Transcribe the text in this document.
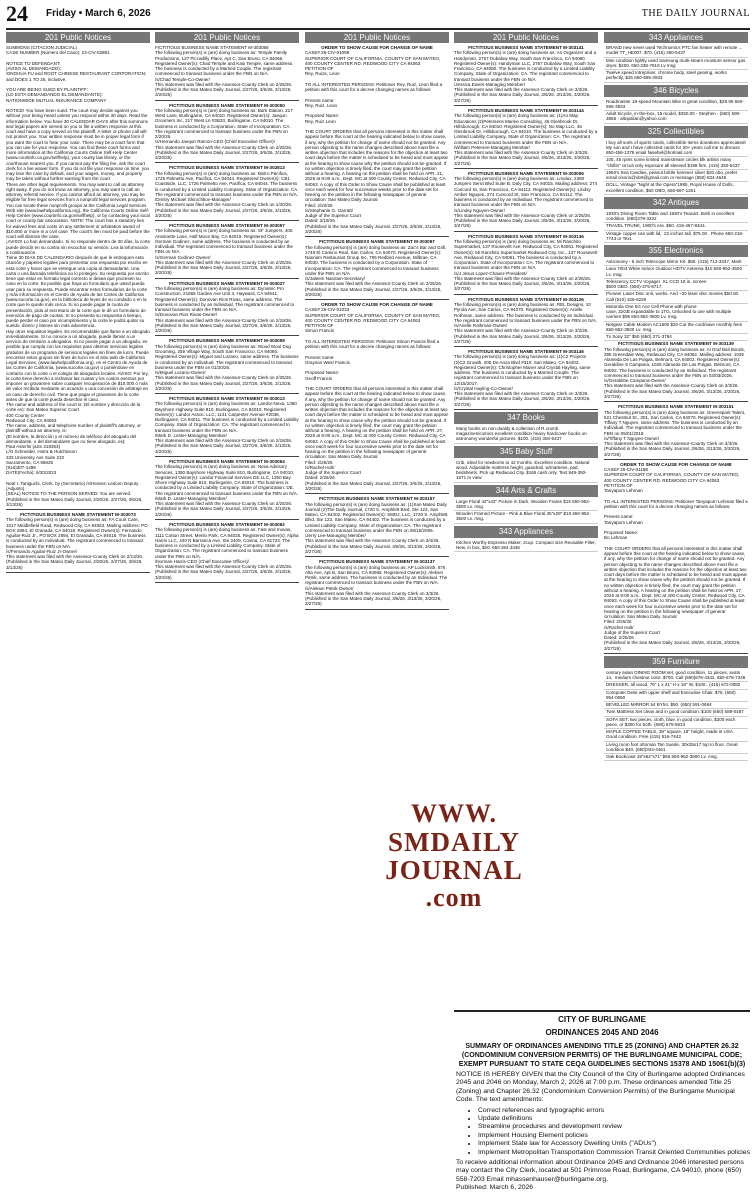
24 Friday • March 6, 2026	THE DAILY JOURNAL
201 Public Notices

SUMMONS (CITACION JUDICIAL)
CASE NUMBER (Número del Caso): 23-CIV-02881

NOTICE TO DEFENDANT:
(AVISO AL DEMANDADO):
XINGHUA FU and ROOT CHINESE RESTAURANT CORPORATION; and DOES 1 TO 25, inclusive.

YOU ARE BEING SUED BY PLAINTIFF:
(LO ESTA DEMANDANDO EL DEMANDANTE):
NATIONWIDE MUTUAL INSURANCE COMPANY

NOTICE! You have been sued. The court may decide against you without your being heard unless you respond within 30 days. Read the information below. You have 30 CALENDAR DAYS after this summons and legal papers are served on you to file a written response at this court and have a copy served on the plaintiff. A letter or phone call will not protect you. Your written response must be in proper legal form if you want the court to hear your case. There may be a court form that you can use for your response. You can find these court forms and more information at the California Courts Online Self-Help Center (www.courtinfo.ca.gov/selfhelp), your county law library, or the courthouse nearest you. If you cannot pay the filing fee, ask the court clerk for a fee waiver form. If you do not file your response on time, you may lose the case by default, and your wages, money, and property may be taken without further warning from the court.
There are other legal requirements. You may want to call an attorney right away. If you do not know an attorney, you may want to call an attorney referral service. If you cannot afford an attorney, you may be eligible for free legal services from a nonprofit legal services program. You can locate these nonprofit groups at the California Legal Services Web site (www.lawhelpcalifornia.org), the California Courts Online Self-Help Center (www.courtinfo.ca.gov/selfhelp), or by contacting your local court or county bar association. NOTE: The court has a statutory lien for waived fees and costs on any settlement or arbitration award of $10,000 or more in a civil case. The court's lien must be paid before the court will dismiss the case.
¡AVISO! Lo han demandado. Si no responde dentro de 30 días, la corte puede decidir en su contra sin escuchar su versión. Lea la información a continuación.
Tiene 30 DIAS DE CALENDARIO después de que le entreguen esta citación y papeles legales para presentar una respuesta por escrito en esta corte y hacer que se entregue una copia al demandante. Una carta o una llamada telefónica no lo protegen. Su respuesta por escrito tiene que estar en formato legal correcto si desea que procesen su caso en la corte. Es posible que haya un formulario que usted pueda usar para su respuesta. Puede encontrar estos formularios de la corte y más información en el Centro de Ayuda de las Cortes de California (www.sucorte.ca.gov), en la biblioteca de leyes de su condado o en la corte que le quede más cerca. Si no puede pagar la cuota de presentación, pida al secretario de la corte que le dé un formulario de exención de pago de cuotas. Si no presenta su respuesta a tiempo, puede perder el caso por incumplimiento y la corte le podrá quitar su sueldo, dinero y bienes sin más advertencia.
Hay otros requisitos legales. Es recomendable que llame a un abogado inmediatamente. Si no conoce a un abogado, puede llamar a un servicio de remisión a abogados. Si no puede pagar a un abogado, es posible que cumpla con los requisitos para obtener servicios legales gratuitos de un programa de servicios legales sin fines de lucro. Puede encontrar estos grupos sin fines de lucro en el sitio web de California Legal Services, (www.lawhelpcalifornia.org), en el Centro de Ayuda de las Cortes de California, (www.sucorte.ca.gov) o poniéndose en contacto con la corte o el colegio de abogados locales. AVISO: Por ley, la corte tiene derecho a reclamar las cuotas y los costos exentos por imponer un gravamen sobre cualquier recuperación de $10,000 ó más de valor recibida mediante un acuerdo o una concesión de arbitraje en un caso de derecho civil. Tiene que pagar el gravamen de la corte antes de que la corte pueda desechar el caso.
The name and address of the court is: (El nombre y dirección de la corte es): San Mateo Superior Court
400 County Center
Redwood City, CA 94063
The name, address, and telephone number of plaintiff's attorney, or plaintiff without an attorney, is:
(El nombre, la dirección y el número de teléfono del abogado del demandante, o del demandante que no tiene abogado, es):
Paul Asterlin (aSn 218353)
L/O Schneider, Hotra & Hutchinson
333 University Ave Suite 210
Sacramento, CA 95825
(916)307-1498
DATE(Fecha): 6/30/2023

Neal I. Taniguchi, Clerk, by (Secretario) /s/Hessen Ledcen Deputy (Adjunto)
(SEAL) NOTICE TO THE PERSON SERVED: You are served.
(Published in the San Mateo Daily Journal, 2/20/26, 2/27/26, 3/6/26, 3/13/26)

FICTITIOUS BUSINESS NAME STATEMENT M-303073

The following person(s) is (are) doing business as: FA Court Care, 1017 Middlefield Road, Redwood City, CA 94063. Mailing address: PO BOX 2894, El Granada, CA 94018. Registered Owner(s): Fernando Aguilar-Ruiz Jr., PO BOX 2894, El Granada, CA 94018. The business is conducted by an Individual. The registrant commenced to transact business under the FBN on N/A.
/s/Fernando Aguilar-Ruiz Jr-Owner/
This statement was filed with the Assessor-County Clerk on 2/13/26. (Published in the San Mateo Daily Journal, 2/20/26, 2/27/26, 3/6/26, 3/13/26)

201 Public Notices

FICTITIOUS BUSINESS NAME STATEMENT M-303066
The following person(s) is (are) doing business as: Temple Family Productions, 127 Piccadilly Place, Apt C, San Bruno, CA 94066. Registered Owner(s): Chad Temple and Kasi Temple, same address. The business is conducted by a Married Couple. The registrant commenced to transact business under the FBN on N/A.
/s/Chad Temple-Co-Owner/
This statement was filed with the Assessor-County Clerk on 2/25/26. (Published in the San Mateo Daily Journal, 2/27/26, 3/6/26, 3/13/26, 3/20/26)

FICTITIOUS BUSINESS NAME STATEMENT M-303050

The following person(s) is (are) doing business as: Bark Station, 217 West Lane, Burlingame, CA 94010. Registered Owner(s): Jaequn Groomers Inc, 217 West Ln #3B33, Burlingame, CA 94010. The business is conducted by a Corporation. State of Incorporation: CA. The registrant commenced to transact business under the FBN on 2/20/26.
/s/Hernando Jaequn Ramon-CEO (Chief Executive Officer)/
This statement was filed with the Assessor-County Clerk on 2/25/26. (Published in the San Mateo Daily Journal, 2/27/26, 3/6/26, 3/13/26, 3/20/26)

FICTITIOUS BUSINESS NAME STATEMENT M-302813

The following person(s) is (are) doing business as: Bistro Pacifica, 1726 Palmetto Ave, Pacifica, CA 94044. Registered Owner(s): CB1 Coastside, LLC, 1726 Palmetto Ave, Pacifica, CA 94044. The business is conducted by a Limited Liability Company. State of Organization: CA. The registrant commenced to transact business under the FBN on N/A.
/Dmitry Michael Shirochkov-Manager/
This statement was filed with the Assessor-County Clerk on 1/30/26. (Published in the San Mateo Daily Journal, 2/27/26, 3/6/26, 3/13/26, 3/20/26)

FICTITIOUS BUSINESS NAME STATEMENT M-303057

The following person(s) is (are) doing business as: SF Jumpers, 406 Antoinette Lane, Half Moon Bay, CA 94019. Registered Owner(s): German Godinez, same address. The business is conducted by an Individual. The registrant commenced to transact business under the FBN on N/A.
/s/German Godinez-Owner/
This statement was filed with the Assessor-County Clerk on 2/25/26. (Published in the San Mateo Daily Journal, 2/27/26, 3/6/26, 3/13/26, 3/20/26)

FICTITIOUS BUSINESS NAME STATEMENT M-303027

The following person(s) is (are) doing business as: Dynamic Pro Construction, 21665 Garden Ave Unit 3, Hayward, CA 94541. Registered Owner(s): Donovan Rios Rivas, same address. The business is conducted by an Individual. The registrant commenced to transact business under the FBN on N/A.
/s/Donovan Rios Rivas-Owner/
This statement was filed with the Assessor-County Clerk on 2/19/26. (Published in the San Mateo Daily Journal, 2/27/26, 3/6/26, 3/13/26, 3/20/26)

FICTITIOUS BUSINESS NAME STATEMENT M-303059

The following person(s) is (are) doing business as: Wood Wool Dog Grooming, 259 Village Way, South San Francisco, CA 94080. Registered Owner(s): Miguel and Lozano, same address. The business is conducted by an Individual. The registrant commenced to transact business under the FBN on 01/20/26.
/s/Miguel Lozano-Owner/
This statement was filed with the Assessor-County Clerk on 2/25/26. (Published in the San Mateo Daily Journal, 2/27/26, 3/6/26, 3/13/26, 3/20/26)

FICTITIOUS BUSINESS NAME STATEMENT M-303013

The following person(s) is (are) doing business as: Landor-Nexa, 1350 Bayshore Highway Suite 810, Burlingame, CA 94010. Registered Owner(s): Landor Assoc. LLC, 1141 Carpenter Avenue #2038, Burlingame, CA 94011. The business is conducted by a Limited Liability Company. State of Organization: CA. The registrant commenced to transact business under the FBN on N/A.
/Mark D. Lester-Managing Member/
This statement was filed with the Assessor-County Clerk on 2/18/26. (Published in the San Mateo Daily Journal, 2/27/26, 3/6/26, 3/13/26, 3/20/26)

FICTITIOUS BUSINESS NAME STATEMENT M-303064

The following person(s) is (are) doing business as: Nexa Advisory Services, 1350 Bayshore Highway Suite 810, Burlingame, CA 94010. Registered Owner(s): Landor Financial Services DE LLC, 1350 Bay Shore Highway Suite 810, Burlingame, CA 94010. The business is conducted by a Limited Liability Company. State of Organization: DE. The registrant commenced to transact business under the FBN on N/A.
/Mark D. Lester-Managing Member/
This statement was filed with the Assessor-County Clerk on 2/25/26. (Published in the San Mateo Daily Journal, 2/27/26, 3/6/26, 3/13/26, 3/20/26)

FICTITIOUS BUSINESS NAME STATEMENT M-303062

The following person(s) is (are) doing business as: Fast and Inovas, 1111 Cotton Street, Menlo Park, CA 94025. Registered Owner(s): Alpha Harris LLC, 440 N Barranca Ave, Ste 2409, Covina, CA 91723. The business is conducted by a Limited Liability Company. State of Organization: CA. The registrant commenced to transact business under the FBN on N/A.
/Norman Harris-CEO (Chief Executive Officer)/
This statement was filed with the Assessor-County Clerk on 2/25/26. (Published in the San Mateo Daily Journal, 2/27/26, 3/6/26, 3/13/26, 3/20/26)

201 Public Notices
ORDER TO SHOW CAUSE FOR CHANGE OF NAME

CASE# 26-CIV-01095
SUPERIOR COURT OF CALIFORNIA, COUNTY OF SAN MATEO, 400 COUNTY CENTER RD. REDWOOD CITY CA 94063
PETITION OF
Rey, Ruize, Leon

TO ALL INTERESTED PERSONS: Petitioner Rey, Ruiz, Leon filed a petition with this court for a decree changing names as follows:

Present name:
Rey, Ruiz, Leon

Proposed Name:
Rey, Ruiz Leon

THE COURT ORDERS that all persons interested in this matter shall appear before this court at the hearing indicated below to show cause, if any, why the petition for change of name should not be granted. Any person objecting to the name changes described above must file a written objection that includes the reasons for the objection at least two court days before the matter is scheduled to be heard and must appear at the hearing to show cause why the petition should not be granted. If no written objection is timely filed, the court may grant the petition without a hearing. A hearing on the petition shall be held on APR. 21, 2026 at 9:00 a.m., Dept. MC at 400 County Center, Redwood City, CA 94063. A copy of this Order to Show Cause shall be published at least once each week for four successive weeks prior to the date set for hearing on the petition in the following newspaper of general circulation: San Mateo Daily Journal
Filed: 2/20/26
/s/Stephanie G. Garratt/
Judge of the Superior Court
Dated: 2/19/26
(Published in the San Mateo Daily Journal, 2/27/26, 3/6/26, 3/13/26, 3/20/26)

FICTITIOUS BUSINESS NAME STATEMENT M-303097

The following person(s) is (are) doing business as: Zac's Bar and Grill, 1748 El Camino Real, San Carlos, CA 94070. Registered Owner(s): Nasriam Restaurant Group Inc, 706 Redbird Avenue, Milbrae, CA 94030. The business is conducted by a Corporation. State of Incorporation: CA. The registrant commenced to transact business under the FBN on N/A.
/s/Jaleem Nasriam-Secretary/
This statement was filed with the Assessor-County Clerk on 2/25/26. (Published in the San Mateo Daily Journal, 2/27/26, 3/6/26, 3/13/26, 3/20/26)

ORDER TO SHOW CAUSE FOR CHANGE OF NAME

CASE# 26-CIV-01033
SUPERIOR COURT OF CALIFORNIA, COUNTY OF SAN MATEO, 400 COUNTY CENTER RD. REDWOOD CITY CA 94063
PETITION OF
Simon Francis

TO ALL INTERESTED PERSONS: Petitioner Simon Francis filed a petition with this court for a decree changing names as follows:

Present name:
Grayson West Francis

Proposed Name:
Geoff Francis

THE COURT ORDERS that all persons interested in this matter shall appear before this court at the hearing indicated below to show cause, if any, why the petition for change of name should not be granted. Any person objecting to the name changes described above must file a written objection that includes the reasons for the objection at least two court days before the matter is scheduled to be heard and must appear at the hearing to show cause why the petition should not be granted. If no written objection is timely filed, the court may grant the petition without a hearing. A hearing on the petition shall be held on APR. 27, 2026 at 9:00 a.m., Dept. MC at 400 County Center, Redwood City, CA 94063. A copy of this Order to Show Cause shall be published at least once each week for four successive weeks prior to the date set for hearing on the petition in the following newspaper of general circulation: San Mateo Daily Journal
Filed: 2/26/26
/s/Rachel Holt/
Judge of the Superior Court
Dated: 2/25/26
(Published in the San Mateo Daily Journal, 2/27/26, 3/6/26, 3/13/26, 3/20/26)

FICTITIOUS BUSINESS NAME STATEMENT M-303157

The following person(s) is (are) doing business as: (1)San Mateo Daily Journal (2)The Daily Journal, 1720 S. Amphlett Blvd, Ste 123, San Mateo, CA 94402. Registered Owner(s): SMDJ, LLC, 1720 S. Amphlett Blvd, Ste 123, San Mateo, CA 94402. The business is conducted by a Limited Liability Company. State of Organization: CA. The registrant commenced to transact business under the FBN on 08/15/2006.
/Jerry Lee-Managing Member/
This statement was filed with the Assessor-County Clerk on 3/4/26. (Published in the San Mateo Daily Journal, 3/6/26, 3/13/26, 3/20/26, 3/27/26)

FICTITIOUS BUSINESS NAME STATEMENT M-303137

The following person(s) is (are) doing business as: AP Locksmith, 876 Alta Ave, Apt B, San Bruno, CA 94066. Registered Owner(s): Aleksei Petrik, same address. The business is conducted by an Individual. The registrant commenced to transact business under the FBN on N/A.
/s/Aleksei Petrik-Owner/
This statement was filed with the Assessor-County Clerk on 3/3/26. (Published in the San Mateo Daily Journal, 3/6/26, 3/13/26, 3/20/26, 3/27/26)

201 Public Notices
FICTITIOUS BUSINESS NAME STATEMENT M-303141

The following person(s) is (are) doing business as: An Organizer and a Handyman, 2767 Dubalow Way, South San Francisco, CA 94080. Registered Owner(s): Handyman LLC, 2767 Dubalow Way, South San Francisco, CA 94080. The business is conducted by a Limited Liability Company, State of Organization: CA. The registrant commenced to transact business under the FBN on N/A.
/Jessica Ewers-Managing Member/
This statement was filed with the Assessor-County Clerk on 3/3/26. (Published in the San Mateo Daily Journal, 3/6/26, 3/13/26, 3/20/26, 3/27/26)

FICTITIOUS BUSINESS NAME STATEMENT M-303144

The following person(s) is (are) doing business as: (1)Ao Map Educations (2)Petersens Marine Consulting, 46 Glenbrook Dr, Hillsborough, CA 94010. Registered Owner(s): No Map LLC, 46 Glenbrook Dr, Hillsborough, CA 94010. The business is conducted by a Limited Liability Company, State of Organization: CA. The registrant commenced to transact business under the FBN on N/A.
/William Petersen-Managing Member/
This statement was filed with the Assessor-County Clerk on 3/3/26. (Published in the San Mateo Daily Journal, 3/6/26, 3/13/26, 3/20/26, 3/27/26)

FICTITIOUS BUSINESS NAME STATEMENT M-303055

The following person(s) is (are) doing business as: Lmalux, 2380 Junipero Serra Blvd Suite B, Daly City, CA 94015. Mailing address: 274 Concord St, San Francisco, CA 94112. Registered Owner(s): Lindsy Amber Nguyen, 274 Concord St, San Francisco, CA 94112. The business is conducted by an Individual. The registrant commenced to transact business under the FBN on N/A.
/s/Lindsy Nguyen-Owner/
This statement was filed with the Assessor-County Clerk on 2/25/26. (Published in the San Mateo Daily Journal, 3/6/26, 3/13/26, 3/20/26, 3/27/26)

FICTITIOUS BUSINESS NAME STATEMENT M-303136

The following person(s) is (are) doing business as: Mi Ranchito Supermarket, 137 Roosevelt Ave, Redwood City, CA 94061. Registered Owner(s): Mi Ranchito Supermarket Redwood City, Inc., 137 Roosevelt Ave, Redwood City, CA 94061. The business is conducted by a Corporation. State of Incorporation: CA. The registrant commenced to transact business under the FBN on N/A.
/s/J Jesus Lopez-Chavez-President/
This statement was filed with the Assessor-County Clerk on 2/26/26. (Published in the San Mateo Daily Journal, 3/6/26, 3/13/26, 3/20/26, 3/27/26)

FICTITIOUS BUSINESS NAME STATEMENT M-303126

The following person(s) is (are) doing business as: REL Designs, 10 Pyrola Ave, San Carlos, CA 94070. Registered Owner(s): Arielle Rothman, same address. The business is conducted by an Individual. The registrant commenced to transact business under the FBN on N/A.
/s/Arielle Rothman-Owner/
This statement was filed with the Assessor-County Clerk on 3/2/26. (Published in the San Mateo Daily Journal, 3/6/26, 3/13/26, 3/20/26, 3/27/26)

FICTITIOUS BUSINESS NAME STATEMENT M-303146

The following person(s) is (are) doing business as: (1)C2 Projects (2)C2 Growth, 205 De Anza Blvd #310, San Mateo, CA 94402. Registered Owner(s): Christopher Maner and Crystal Hayling, same address. The business is conducted by a Married Couple. The registrant commenced to transact business under the FBN on 12/15/2017.
/s/Crystal Hayling-Co-Owner/
This statement was filed with the Assessor-County Clerk on 3/3/26. (Published in the San Mateo Daily Journal, 3/6/26, 3/13/26, 3/20/26, 3/27/26)

347 Books
Many books on non-duality & collection of R.crumb magazines/comics excellent condition heavy hardcover books on astronomy wonderful pictures. $100. (415) 350-5437
345 Baby Stuff
Crib, Ideal for newborns to 42 months. Excellent condition. Natural wood. Adjustable mattress height, guardrail, w/mattress, pad, bedsheets. Pick up Redwood City. $165 cash only. Text 949-350-1671 to view
344 Arts & Crafts
Large Floral 42"x42" Picture in Dark. Wooden Frame $15 650-952-3500 Lv. msg.
Wooden Framed Picture - Pink & Blue Floral 35"x29" $10 650-952-3500 Lv. msg.
343 Appliances
Kitchen Worthy Espresso Maker, 2cup. Compact size Reusable Filter, New, in box, $20. 650.364.3436
343 Appliances
BRAND new never used Technomics PTC fan heater with remote ... model TT_HE007. $70. (415) 350-5437
Mini condition lightly used Samsung multi-steam moisture sensor gas dryer. $200. 650-238-7919 Lv msg
Twelve speed Intrepriser, chrome body, steel gearing, works perfectly, $25 650-595-3933
346 Bicycles
Roadmaster 18-speed Mountain Bike in great condition, $29.95 650-595-3933
Adult tricycle, in-the-box, 15 model, $350.00 - Stephen - (650) 590-3855 - altopalian@yahoo.com
325 Collectibles
I buy all sorts of sports cards, collectible items donations appreciated! My son and I have collected cards for 20+ years call me to discuss 650-458-1378 email fwsebel@hotmail.com
105, 45 rpms some limited mainstream circles blk artists many "chillin" circuit only exposure all sleeved $199 firm. (415) 350-5437
1950's Sea Candies, peanut brittle hammer silver $20 obo, prefer email cisorio@ob9@gmail.com or message (650) 834-4649
DOLL, Vintage "Night at the Opera"1985, Royal House of Dolls, excellent condition, $60 OBO, 650-697-1261
342 Antiques
1930's Dining Room Table and 1930's Teacart. Both in excellent condition. (650)279-3222
TRAVEL TRUNK, 1900's era. $50. 415-467-9344.
Vintage copper can with lid,  22 inches tall, $75.00 . Phone 650-218-7743 or Text.
355 Electronics
Astronomy - 6 inch Telescope Mirror Kit. $65. (415) 713-3347, Mark
Lava 7004 White Indoor Outdoor HDTV Antenna $10 650-952-3500 Lv. msg.
Telescency CCTV Voyager  XL CCD 18 in. screen
$500 OBO. (650)-375-8717.
Pioneer Laser Disc unit, works. And ~20 laser disc movies $50.00. Call (510) 326-6229
Motorola One 5G Ace Cell Phone with phone
case, 32GB expandable to 1TG, Unlocked to use with multiple carriers $95 650-952-3500 Lv. msg.
Netgear Cable Modem AC1600 $20 Cut the cord/save monthly fees 650-952-3500 Lv. msg.
Tx Sony 32" $50 (650) 271-3784
FICTITIOUS BUSINESS NAME STATEMENT M-303139

The following person(s) is (are) doing business as: Al Graf Bail Bonds, 395 Greendale Way, Redwood City, CA 94062. Mailing address: 1025 Alameda De Las Pulgas, Belmont, CA 94002. Registered Owner(s): Geraldine S Campana, 1025 Alameda De Las Pulgas, Belmont, CA 94002. The business is conducted by an Individual. The registrant commenced to transact business under the FBN on 03/03/2026.
/s/Geraldine Campana-Owner/
This statement was filed with the Assessor-County Clerk on 3/3/26. (Published in the San Mateo Daily Journal, 3/6/26, 3/13/26, 3/20/26, 3/27/26)

FICTITIOUS BUSINESS NAME STATEMENT M-303151

The following person(s) is (are) doing business as: Greenspark Talent, 621 Chestnut St., 301, San Carlos, CA 94070. Registered Owner(s): Tiffany T Nguyen, same address. The business is conducted by an Individual. The registrant commenced to transact business under the FBN on 05/01/2018.
/s/Tiffany T Nguyen-Owner/
This statement was filed with the Assessor-County Clerk on 3/3/26. (Published in the San Mateo Daily Journal, 3/6/26, 3/13/26, 3/20/26, 3/27/26)

ORDER TO SHOW CAUSE FOR CHANGE OF NAME

CASE# 26-CIV-01188
SUPERIOR COURT OF CALIFORNIA, COUNTY OF SAN MATEO, 400 COUNTY CENTER RD. REDWOOD CITY CA 94063
PETITION OF
Tanyapom Lehman

TO ALL INTERESTED PERSONS: Petitioner Tanyapom Lehman filed a petition with this court for a decree changing names as follows:

Present name:
Tanyapom Lehman

Proposed Name:
Bo Lehman

THE COURT ORDERS that all persons interested in this matter shall appear before this court at the hearing indicated below to show cause, if any, why the petition for change of name should not be granted. Any person objecting to the name changes described above must file a written objection that includes the reasons for the objection at least two court days before the matter is scheduled to be heard and must appear at the hearing to show cause why the petition should not be granted. If no written objection is timely filed, the court may grant the petition without a hearing. A hearing on the petition shall be held on APR. 27, 2026 at 9:00 a.m., Dept. MC at 400 County Center, Redwood City, CA 94063. A copy of this Order to Show Cause shall be published at least once each week for four successive weeks prior to the date set for hearing on the petition in the following newspaper of general circulation: San Mateo Daily Journal
Filed: 2/26/26
/s/Rachel Holt/
Judge of the Superior Court
Dated: 2/25/26
(Published in the San Mateo Daily Journal, 3/6/26, 3/13/26, 3/20/26, 3/27/26)

359 Furniture
century asian DINING ROOM set, good condition, 11 pieces, seats 14,  medium chestnut color. $700. Call (650)678-4342, 650-678-7346
DRESSER, all wood, 76" L x 31" H x 19" W, $100.. (415) 672-0082
Computer Desk with upper shelf and Executive Chair. $75. (650) 954-0650
BEVELLED MIRROR 54 BY54. $50. (650) 591-0684
Twin Mattress Set clean and in good condition. $100 (650) 588-0487
SOFA SET, two pieces, cloth, blue, in good condition, $200 each piece, or $300 for both. (650) 678-5533
MAPLE COFFEE TABLE, 38" square, 18" height, made in USA. Good condition. Free.(415) 516-7443
Living room foot ottoman Tan Suede, 30x25x17 top to floor. Great condition $40. (650)343-4461
Oak Bookcase 19"x62"x71" $65 650-952-3500 Lv. msg.
WWW.
SMDAILY
JOURNAL
.com
CITY OF BURLINGAME
ORDINANCES 2045 AND 2046
SUMMARY OF ORDINANCES AMENDING TITLE 25 (ZONING) AND CHAPTER 26.32 (CONDOMINIUM CONVERSION PERMITS) OF THE BURLINGAME MUNICIPAL CODE; EXEMPT PURSUANT TO STATE CEQA GUIDELINES SECTIONS 15378 AND 15061(b)(3)
NOTICE IS HEREBY GIVEN that the City Council of the City of Burlingame adopted Ordinances 2045 and 2046 on Monday, March 2, 2026 at 7:00 p.m. These ordinances amended Title 25 (Zoning) and Chapter 26.32 (Condominium Conversion Permits) of the Burlingame Municipal Code. The text amendments:
• Correct references and typographic errors
• Update definitions
• Streamline procedures and development review
• Implement Housing Element policies
• Implement State law for Accessory Dwelling Units ("ADUs")
• Implement Metropolitan Transportation Commission Transit Oriented Communities policies
To receive additional information about Ordinance 2045 and Ordinance 2046 interested persons may contact the City Clerk, located at 501 Primrose Road, Burlingame, CA 94010, phone (650) 558-7203 Email mhassenhauser@burlingame.org.
Published: March 6, 2026
